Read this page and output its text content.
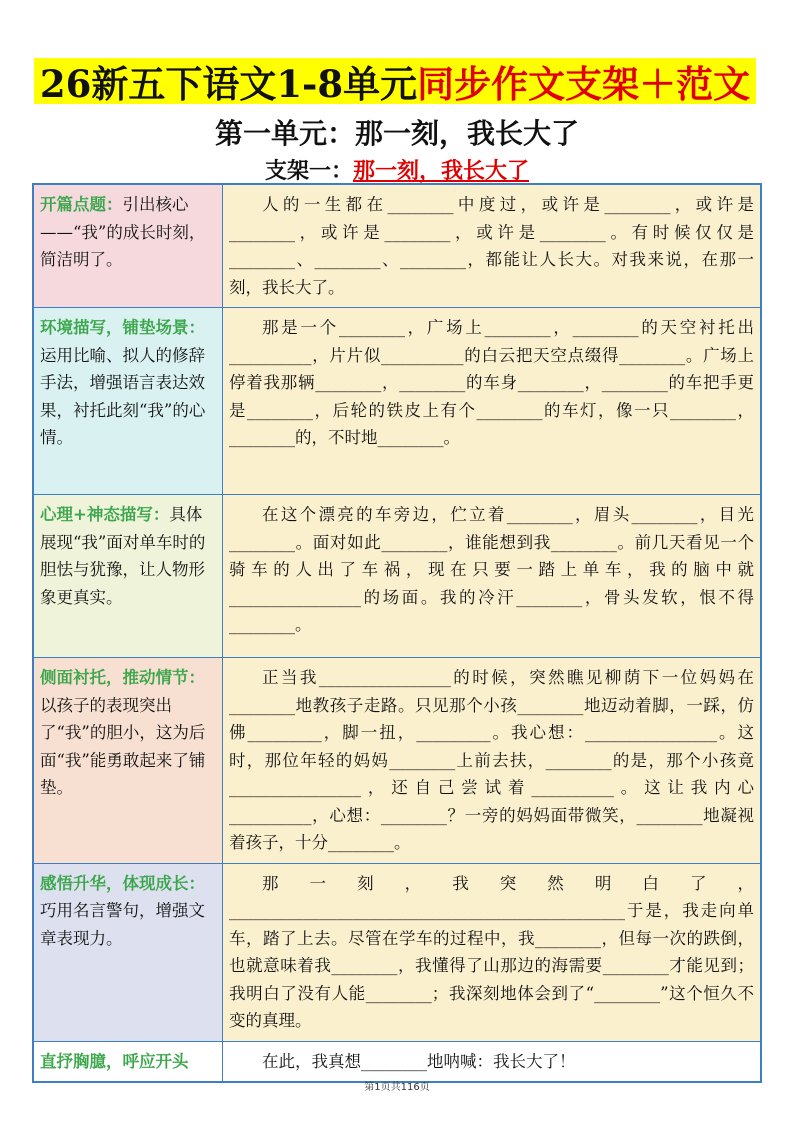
26新五下语文1-8单元 同步作文支架＋范文
第一单元：那一刻，我长大了
支架一：那一刻，我长大了
开篇点题：引出核心——“我”的成长时刻，简洁明了。	人的一生都在________中度过，或许是________，或许是________，或许是________，或许是________。有时候仅仅是________、________、________，都能让人长大。对我来说，在那一刻，我长大了。

环境描写，铺垫场景：运用比喻、拟人的修辞手法，增强语言表达效果，衬托此刻“我”的心情。	那是一个________，广场上________，________的天空衬托出__________，片片似__________的白云把天空点缀得________。广场上停着我那辆________，________的车身________，________的车把手更是________，后轮的铁皮上有个________的车灯，像一只________，________的，不时地________。

心理+神态描写：具体展现“我”面对单车时的胆怯与犹豫，让人物形象更真实。	在这个漂亮的车旁边，伫立着________，眉头________，目光________。面对如此________，谁能想到我________。前几天看见一个骑车的人出了车祸，现在只要一踏上单车，我的脑中就________________的场面。我的冷汗________，骨头发软，恨不得________。

侧面衬托，推动情节：以孩子的表现突出了“我”的胆小，这为后面“我”能勇敢起来了铺垫。	正当我________________的时候，突然瞧见柳荫下一位妈妈在________地教孩子走路。只见那个小孩________地迈动着脚，一踩，仿佛_________，脚一扭，_________。我心想：________________。这时，那位年轻的妈妈________上前去扶，________的是，那个小孩竟________________，还自己尝试着__________。这让我内心__________，心想：________？一旁的妈妈面带微笑，________地凝视着孩子，十分________。

感悟升华，体现成长：巧用名言警句，增强文章表现力。	那一刻，我突然明白了，________________________________________________于是，我走向单车，踏了上去。尽管在学车的过程中，我________，但每一次的跌倒，也就意味着我________，我懂得了山那边的海需要________才能见到；我明白了没有人能________；我深刻地体会到了“________”这个恒久不变的真理。

直抒胸臆，呼应开头	在此，我真想________地呐喊：我长大了！

第1页共116页
